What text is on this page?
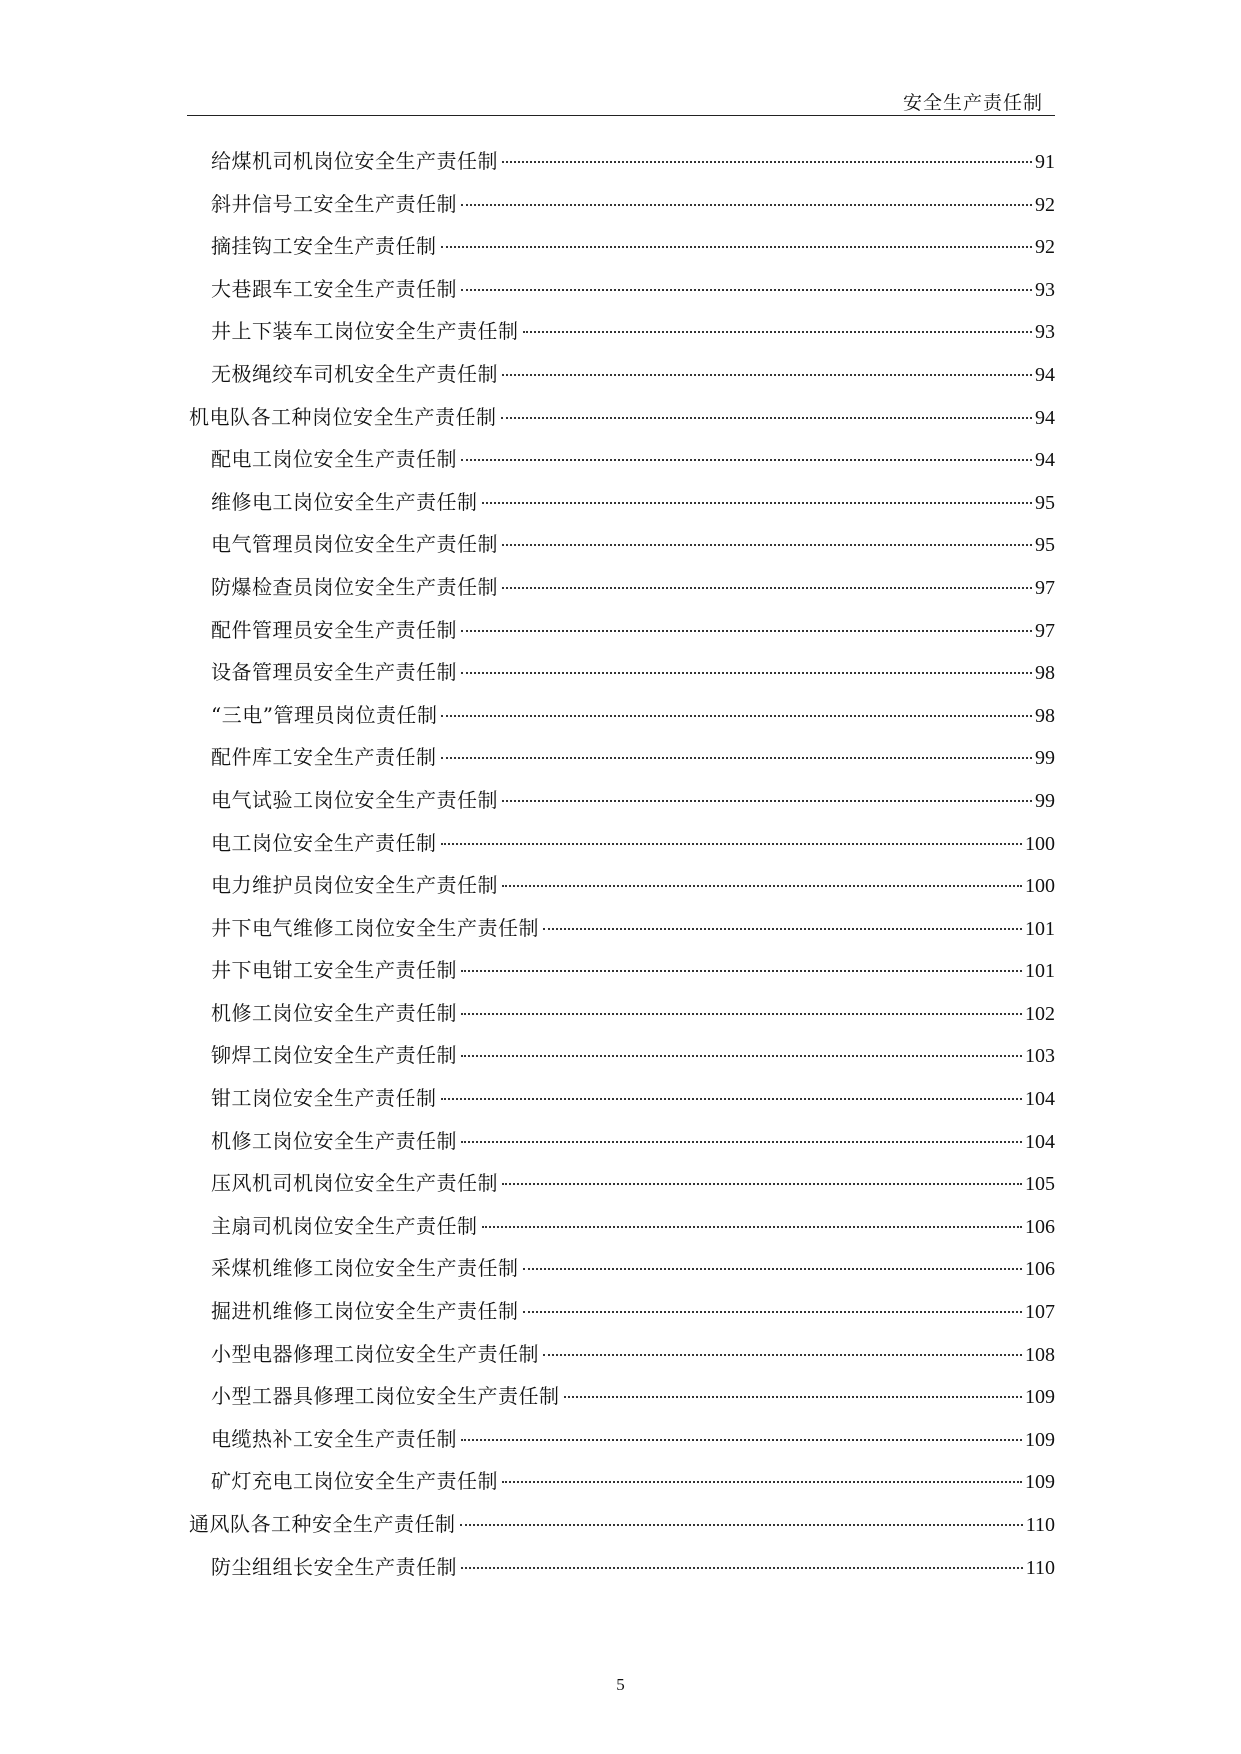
安全生产责任制
给煤机司机岗位安全生产责任制	91
斜井信号工安全生产责任制	92
摘挂钩工安全生产责任制	92
大巷跟车工安全生产责任制	93
井上下装车工岗位安全生产责任制	93
无极绳绞车司机安全生产责任制	94
机电队各工种岗位安全生产责任制	94
配电工岗位安全生产责任制	94
维修电工岗位安全生产责任制	95
电气管理员岗位安全生产责任制	95
防爆检查员岗位安全生产责任制	97
配件管理员安全生产责任制	97
设备管理员安全生产责任制	98
“三电”管理员岗位责任制	98
配件库工安全生产责任制	99
电气试验工岗位安全生产责任制	99
电工岗位安全生产责任制	100
电力维护员岗位安全生产责任制	100
井下电气维修工岗位安全生产责任制	101
井下电钳工安全生产责任制	101
机修工岗位安全生产责任制	102
铆焊工岗位安全生产责任制	103
钳工岗位安全生产责任制	104
机修工岗位安全生产责任制	104
压风机司机岗位安全生产责任制	105
主扇司机岗位安全生产责任制	106
采煤机维修工岗位安全生产责任制	106
掘进机维修工岗位安全生产责任制	107
小型电器修理工岗位安全生产责任制	108
小型工器具修理工岗位安全生产责任制	109
电缆热补工安全生产责任制	109
矿灯充电工岗位安全生产责任制	109
通风队各工种安全生产责任制	110
防尘组组长安全生产责任制	110
5
